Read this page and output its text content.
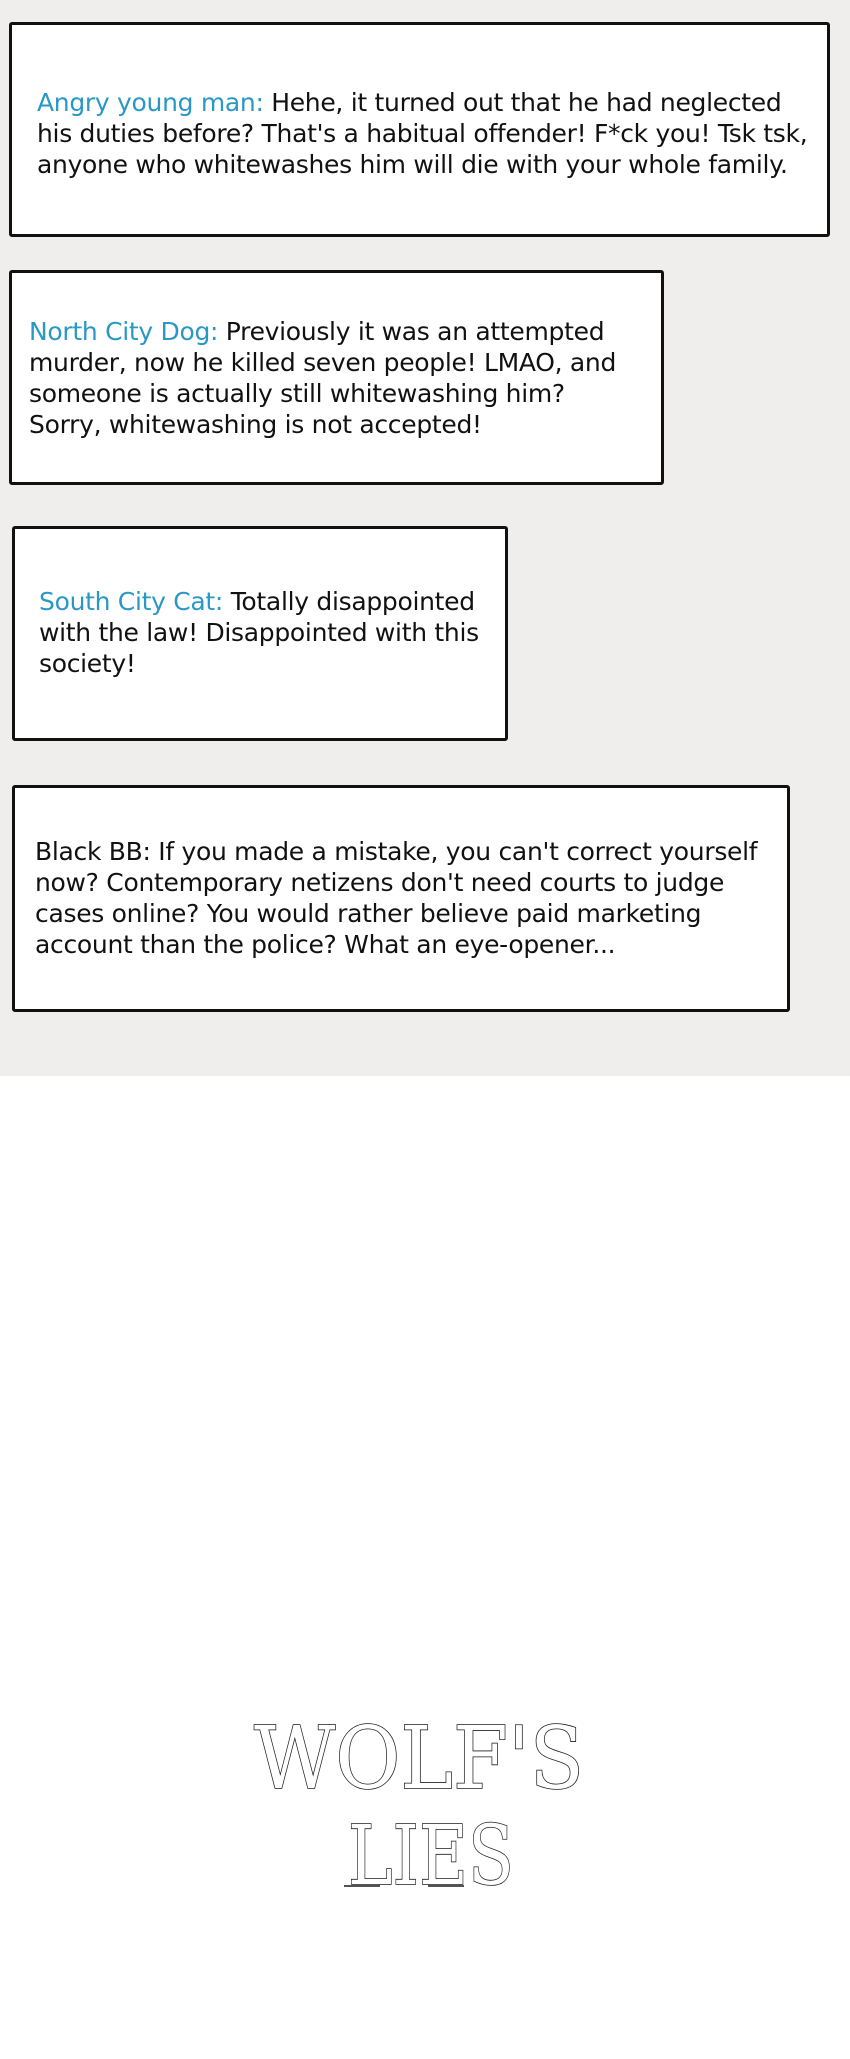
Angry young man: Hehe, it turned out that he had neglected his duties before? That's a habitual offender! F*ck you! Tsk tsk, anyone who whitewashes him will die with your whole family.
North City Dog: Previously it was an attempted murder, now he killed seven people! LMAO, and someone is actually still whitewashing him? Sorry, whitewashing is not accepted!
South City Cat: Totally disappointed with the law! Disappointed with this society!
Black BB: If you made a mistake, you can't correct yourself now? Contemporary netizens don't need courts to judge cases online? You would rather believe paid marketing account than the police? What an eye-opener...
WOLF'S
LIES
